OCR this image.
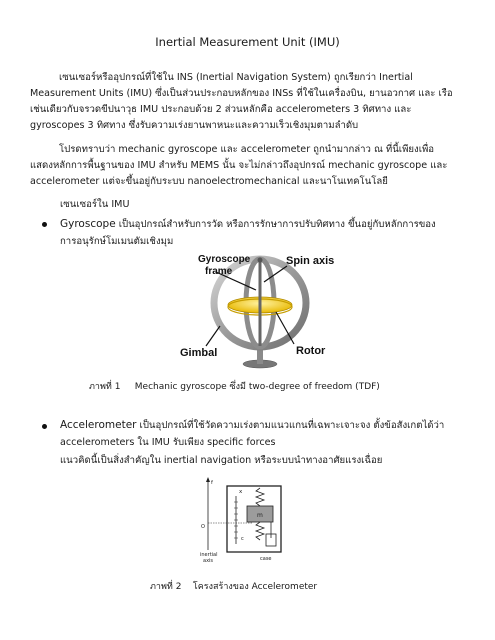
Inertial Measurement Unit (IMU)
เซนเซอร์หรืออุปกรณ์ที่ใช้ใน INS (Inertial Navigation System) ถูกเรียกว่า Inertial
Measurement Units (IMU) ซึ่งเป็นส่วนประกอบหลักของ INSs ที่ใช้ในเครื่องบิน, ยานอวกาศ และ เรือ
เช่นเดียวกับจรวดขีปนาวุธ IMU ประกอบด้วย 2 ส่วนหลักคือ accelerometers 3 ทิศทาง และ
gyroscopes 3 ทิศทาง ซึ่งรับความเร่งยานพาหนะและความเร็วเชิงมุมตามลำดับ
โปรดทราบว่า mechanic gyroscope และ accelerometer ถูกนำมากล่าว ณ ที่นี้เพียงเพื่อ
แสดงหลักการพื้นฐานของ IMU สำหรับ MEMS นั้น จะไม่กล่าวถึงอุปกรณ์ mechanic gyroscope และ
accelerometer แต่จะขึ้นอยู่กับระบบ nanoelectromechanical และนาโนเทคโนโลยี
เซนเซอร์ใน IMU
Gyroscope เป็นอุปกรณ์สำหรับการวัด หรือการรักษาการปรับทิศทาง ขึ้นอยู่กับหลักการของ
การอนุรักษ์โมเมนตัมเชิงมุม
Gyroscope
frame
Spin axis
Gimbal	Rotor
ภาพที่ 1 Mechanic gyroscope ซึ่งมี two-degree of freedom (TDF)
Accelerometer เป็นอุปกรณ์ที่ใช้วัดความเร่งตามแนวแกนที่เฉพาะเจาะจง ตั้งข้อสังเกตได้ว่า
accelerometers ใน IMU รับเพียง specific forces
แนวคิดนี้เป็นสิ่งสำคัญใน inertial navigation หรือระบบนำทางอาศัยแรงเฉื่อย
f
O
inertial
axis
x
m
c
case
ภาพที่ 2 โครงสร้างของ Accelerometer
